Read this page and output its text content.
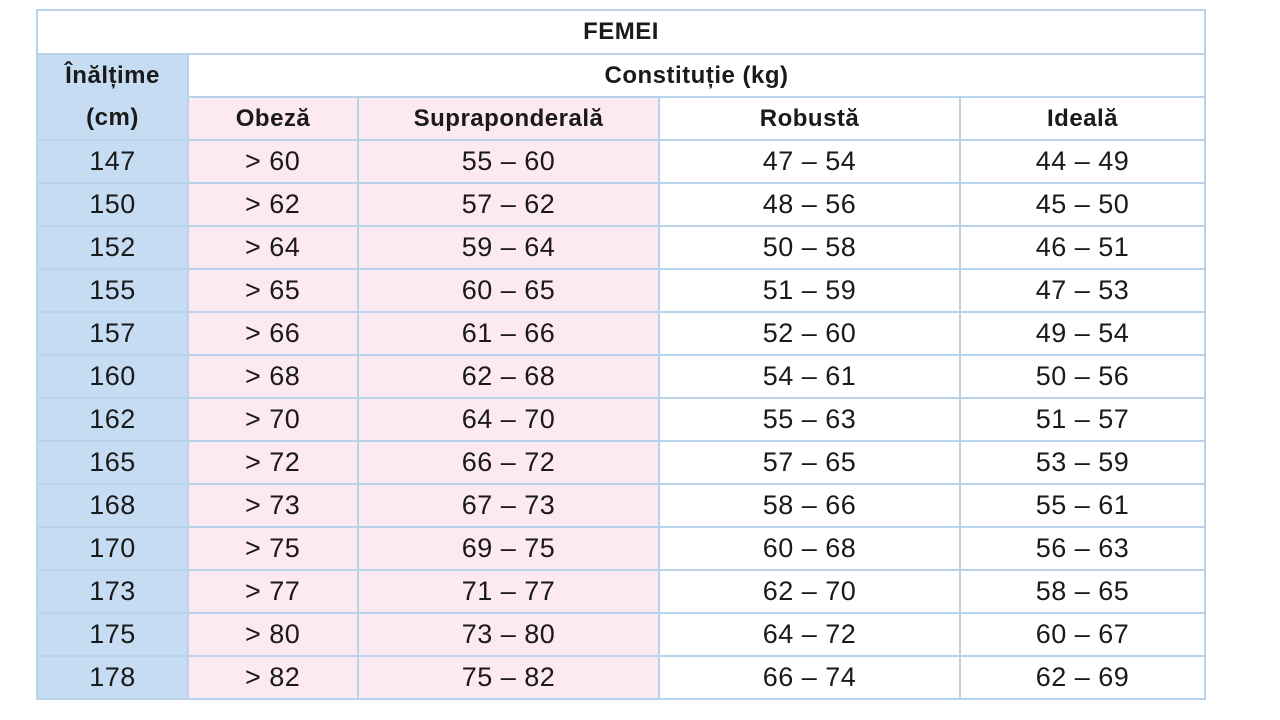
FEMEI				
Înălțime
(cm)	Constituție (kg)			
	Obeză	Supraponderală	Robustă	Ideală
147	> 60	55 – 60	47 – 54	44 – 49
150	> 62	57 – 62	48 – 56	45 – 50
152	> 64	59 – 64	50 – 58	46 – 51
155	> 65	60 – 65	51 – 59	47 – 53
157	> 66	61 – 66	52 – 60	49 – 54
160	> 68	62 – 68	54 – 61	50 – 56
162	> 70	64 – 70	55 – 63	51 – 57
165	> 72	66 – 72	57 – 65	53 – 59
168	> 73	67 – 73	58 – 66	55 – 61
170	> 75	69 – 75	60 – 68	56 – 63
173	> 77	71 – 77	62 – 70	58 – 65
175	> 80	73 – 80	64 – 72	60 – 67
178	> 82	75 – 82	66 – 74	62 – 69
